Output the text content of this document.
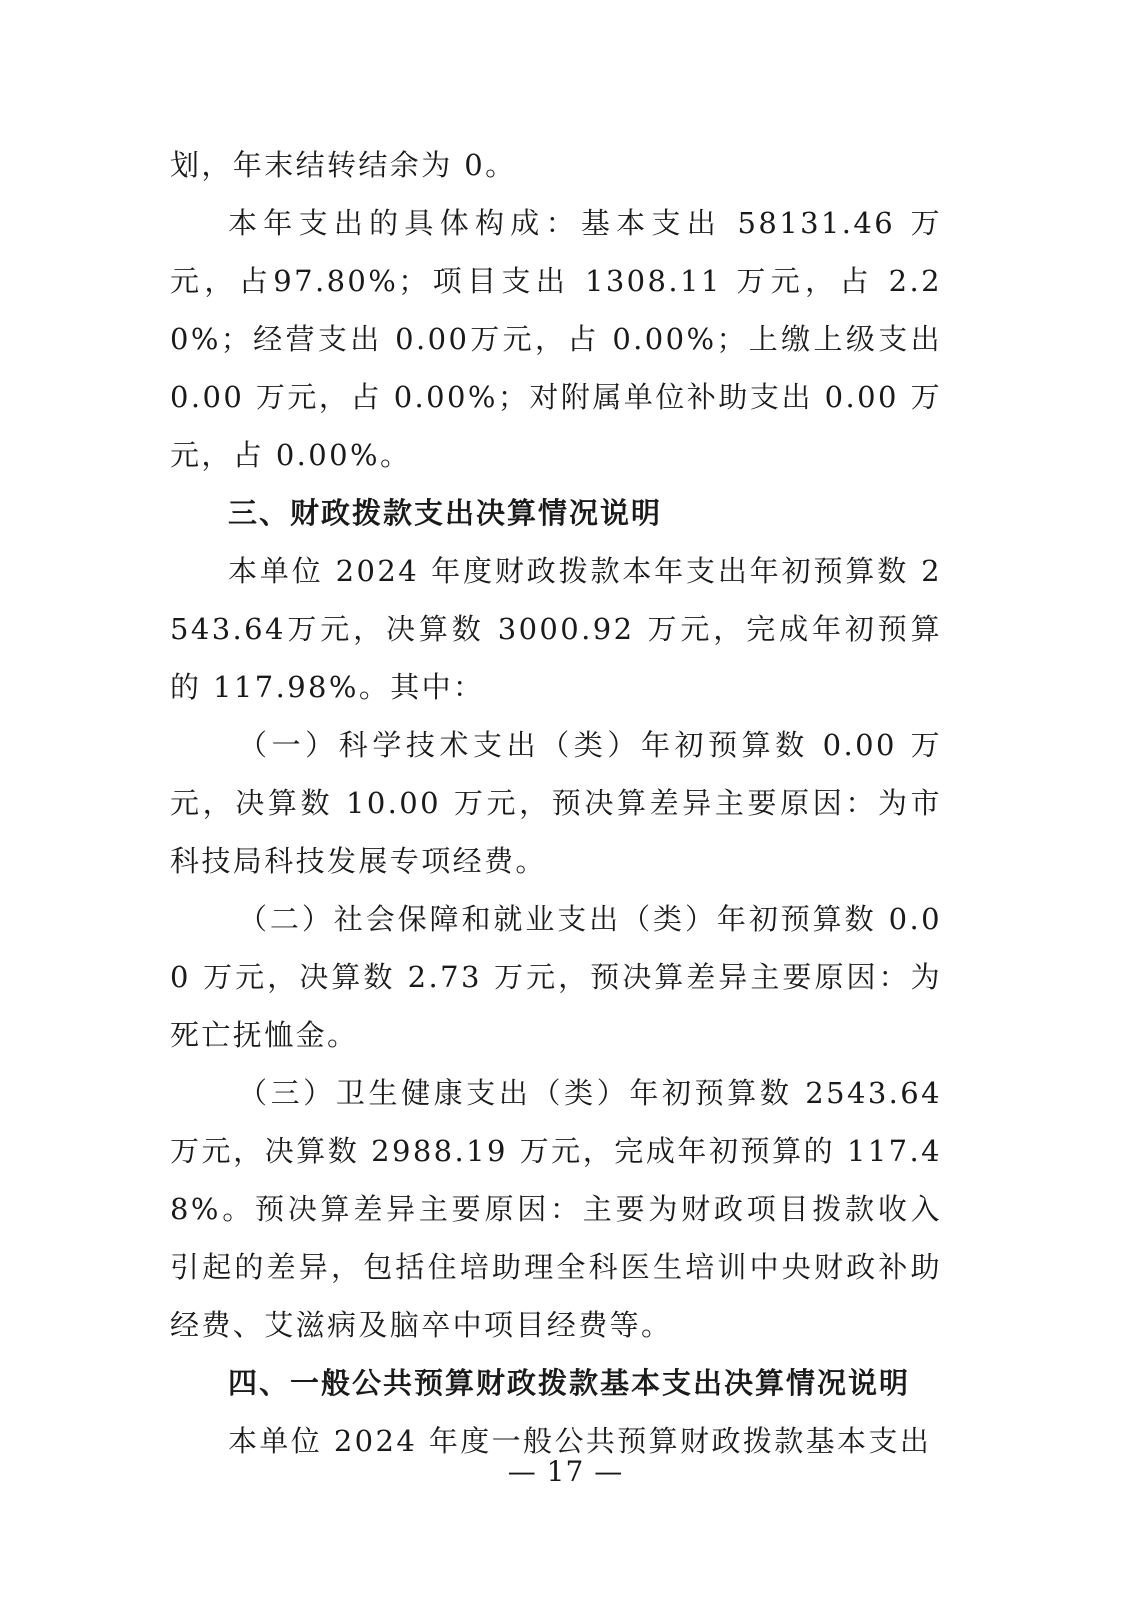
划，年末结转结余为 0。

本年支出的具体构成：基本支出 58131.46 万元，占97.80%；项目支出 1308.11 万元，占 2.20%；经营支出 0.00万元，占 0.00%；上缴上级支出 0.00 万元，占 0.00%；对附属单位补助支出 0.00 万元，占 0.00%。

三、财政拨款支出决算情况说明

本单位 2024 年度财政拨款本年支出年初预算数 2543.64万元，决算数 3000.92 万元，完成年初预算的 117.98%。其中：

（一）科学技术支出（类）年初预算数 0.00 万元，决算数 10.00 万元，预决算差异主要原因：为市科技局科技发展专项经费。

（二）社会保障和就业支出（类）年初预算数 0.00 万元，决算数 2.73 万元，预决算差异主要原因：为死亡抚恤金。

（三）卫生健康支出（类）年初预算数 2543.64 万元，决算数 2988.19 万元，完成年初预算的 117.48%。预决算差异主要原因：主要为财政项目拨款收入引起的差异，包括住培助理全科医生培训中央财政补助经费、艾滋病及脑卒中项目经费等。

四、一般公共预算财政拨款基本支出决算情况说明

本单位 2024 年度一般公共预算财政拨款基本支出

— 17 —
